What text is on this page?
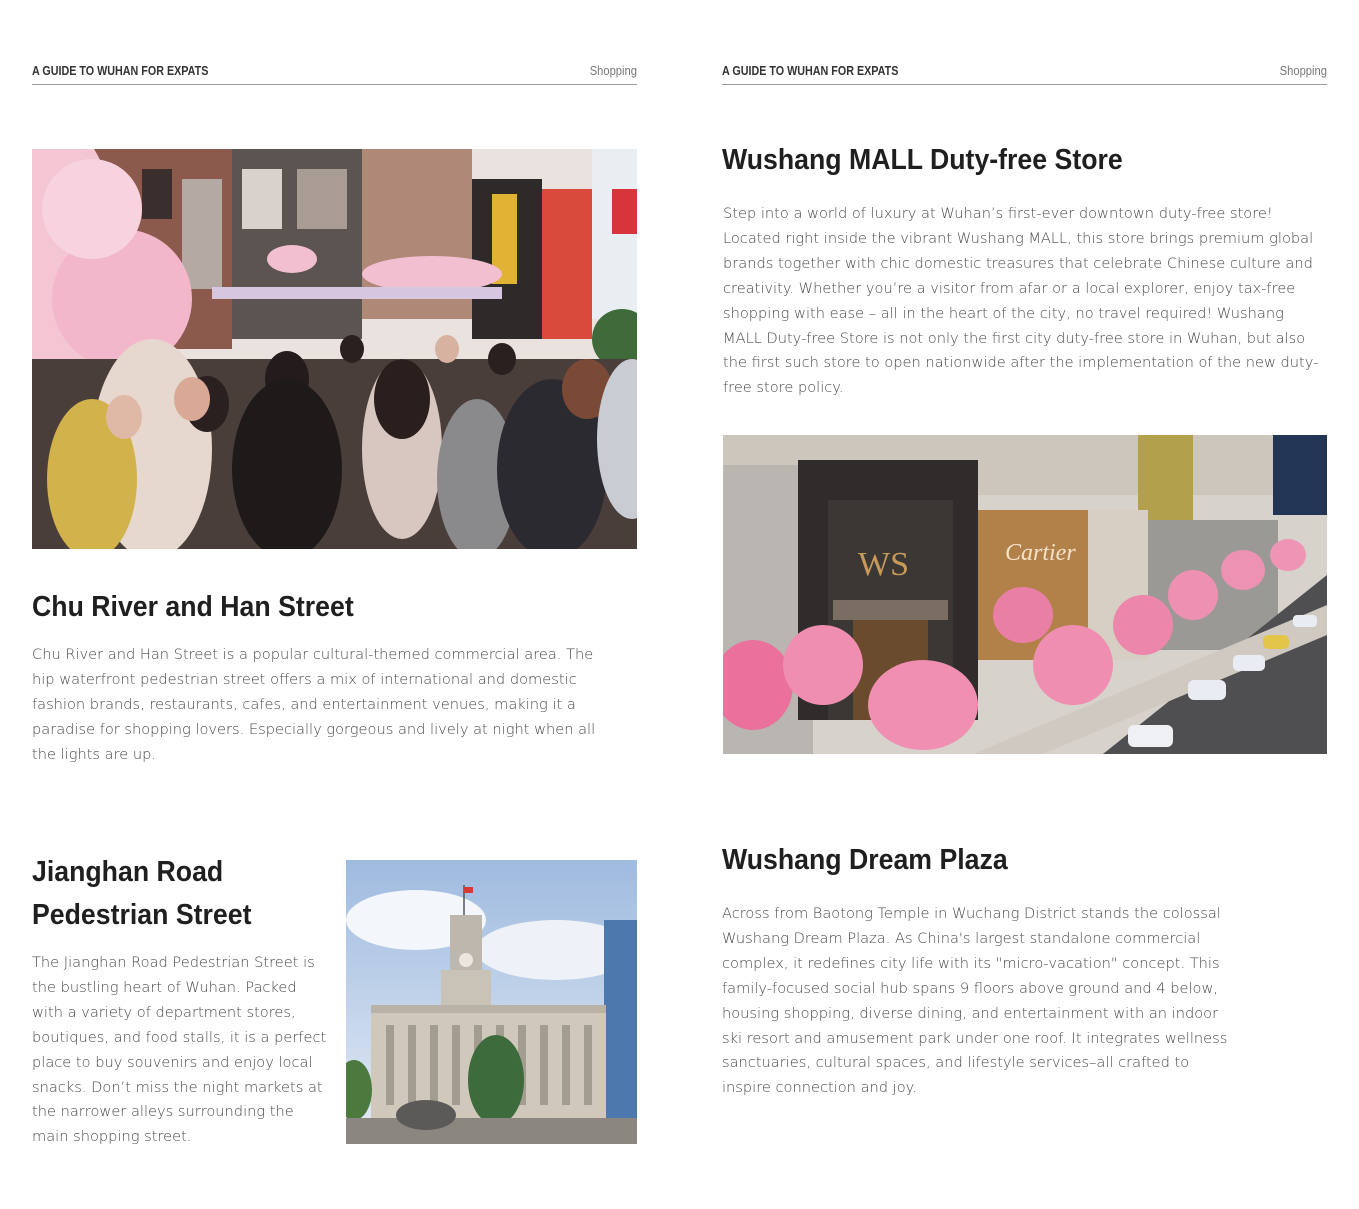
A GUIDE TO WUHAN FOR EXPATS	Shopping
Chu River and Han Street

Chu River and Han Street is a popular cultural-themed commercial area. The hip waterfront pedestrian street offers a mix of international and domestic fashion brands, restaurants, cafes, and entertainment venues, making it a paradise for shopping lovers. Especially gorgeous and lively at night when all the lights are up.

Jianghan Road
Pedestrian Street

The Jianghan Road Pedestrian Street is the bustling heart of Wuhan. Packed with a variety of department stores, boutiques, and food stalls, it is a perfect place to buy souvenirs and enjoy local snacks. Don’t miss the night markets at the narrower alleys surrounding the main shopping street.

A GUIDE TO WUHAN FOR EXPATS	Shopping
Wushang MALL Duty-free Store

Step into a world of luxury at Wuhan’s first-ever downtown duty-free store! Located right inside the vibrant Wushang MALL, this store brings premium global brands together with chic domestic treasures that celebrate Chinese culture and creativity. Whether you’re a visitor from afar or a local explorer, enjoy tax-free shopping with ease – all in the heart of the city, no travel required! Wushang MALL Duty-free Store is not only the first city duty-free store in Wuhan, but also the first such store to open nationwide after the implementation of the new duty-free store policy.

WS	Cartier
Wushang Dream Plaza

Across from Baotong Temple in Wuchang District stands the colossal Wushang Dream Plaza. As China's largest standalone commercial complex, it redefines city life with its "micro-vacation" concept. This family-focused social hub spans 9 floors above ground and 4 below, housing shopping, diverse dining, and entertainment with an indoor ski resort and amusement park under one roof. It integrates wellness sanctuaries, cultural spaces, and lifestyle services–all crafted to inspire connection and joy.
